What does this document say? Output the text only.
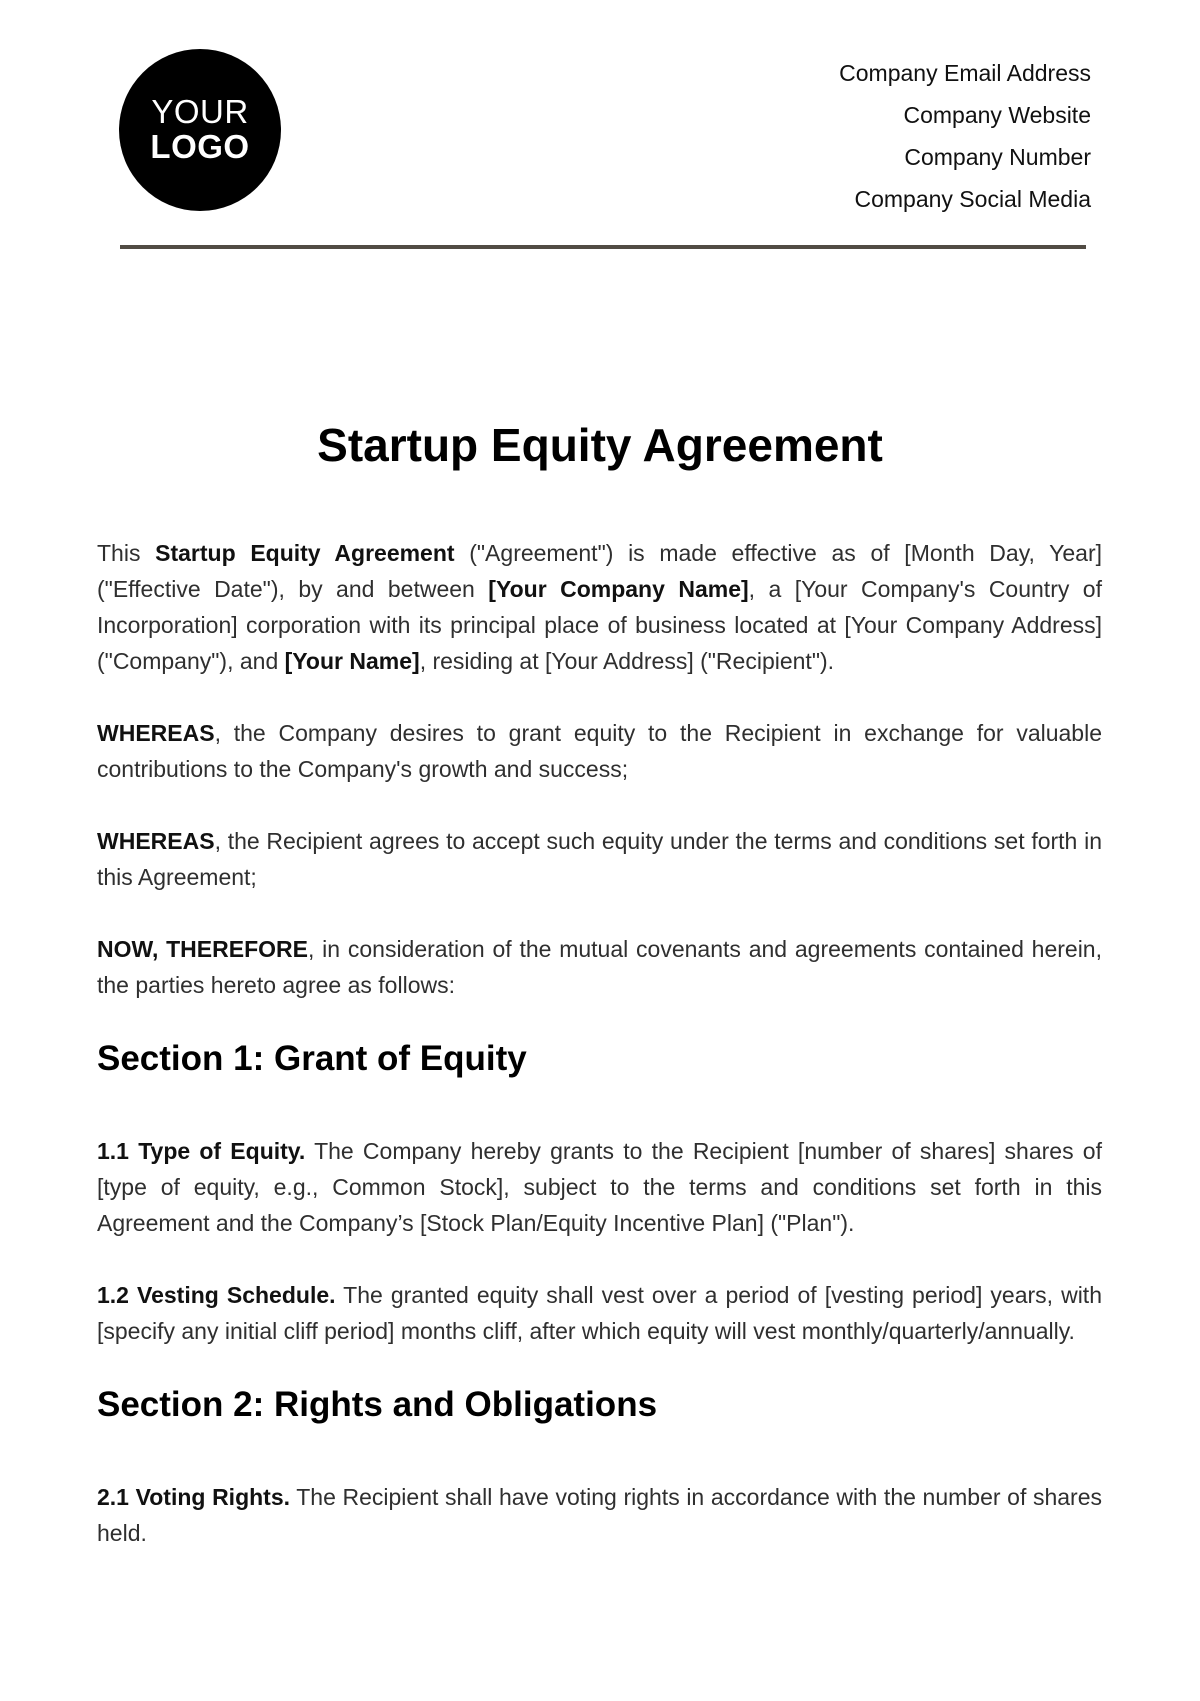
YOUR
LOGO
Company Email Address
Company Website
Company Number
Company Social Media
Startup Equity Agreement

This Startup Equity Agreement ("Agreement") is made effective as of [Month Day, Year] ("Effective Date"), by and between [Your Company Name], a [Your Company's Country of Incorporation] corporation with its principal place of business located at [Your Company Address] ("Company"), and [Your Name], residing at [Your Address] ("Recipient").

WHEREAS, the Company desires to grant equity to the Recipient in exchange for valuable contributions to the Company's growth and success;

WHEREAS, the Recipient agrees to accept such equity under the terms and conditions set forth in this Agreement;

NOW, THEREFORE, in consideration of the mutual covenants and agreements contained herein, the parties hereto agree as follows:

Section 1: Grant of Equity

1.1 Type of Equity. The Company hereby grants to the Recipient [number of shares] shares of [type of equity, e.g., Common Stock], subject to the terms and conditions set forth in this Agreement and the Company’s [Stock Plan/Equity Incentive Plan] ("Plan").

1.2 Vesting Schedule. The granted equity shall vest over a period of [vesting period] years, with [specify any initial cliff period] months cliff, after which equity will vest monthly/quarterly/annually.

Section 2: Rights and Obligations

2.1 Voting Rights. The Recipient shall have voting rights in accordance with the number of shares held.
